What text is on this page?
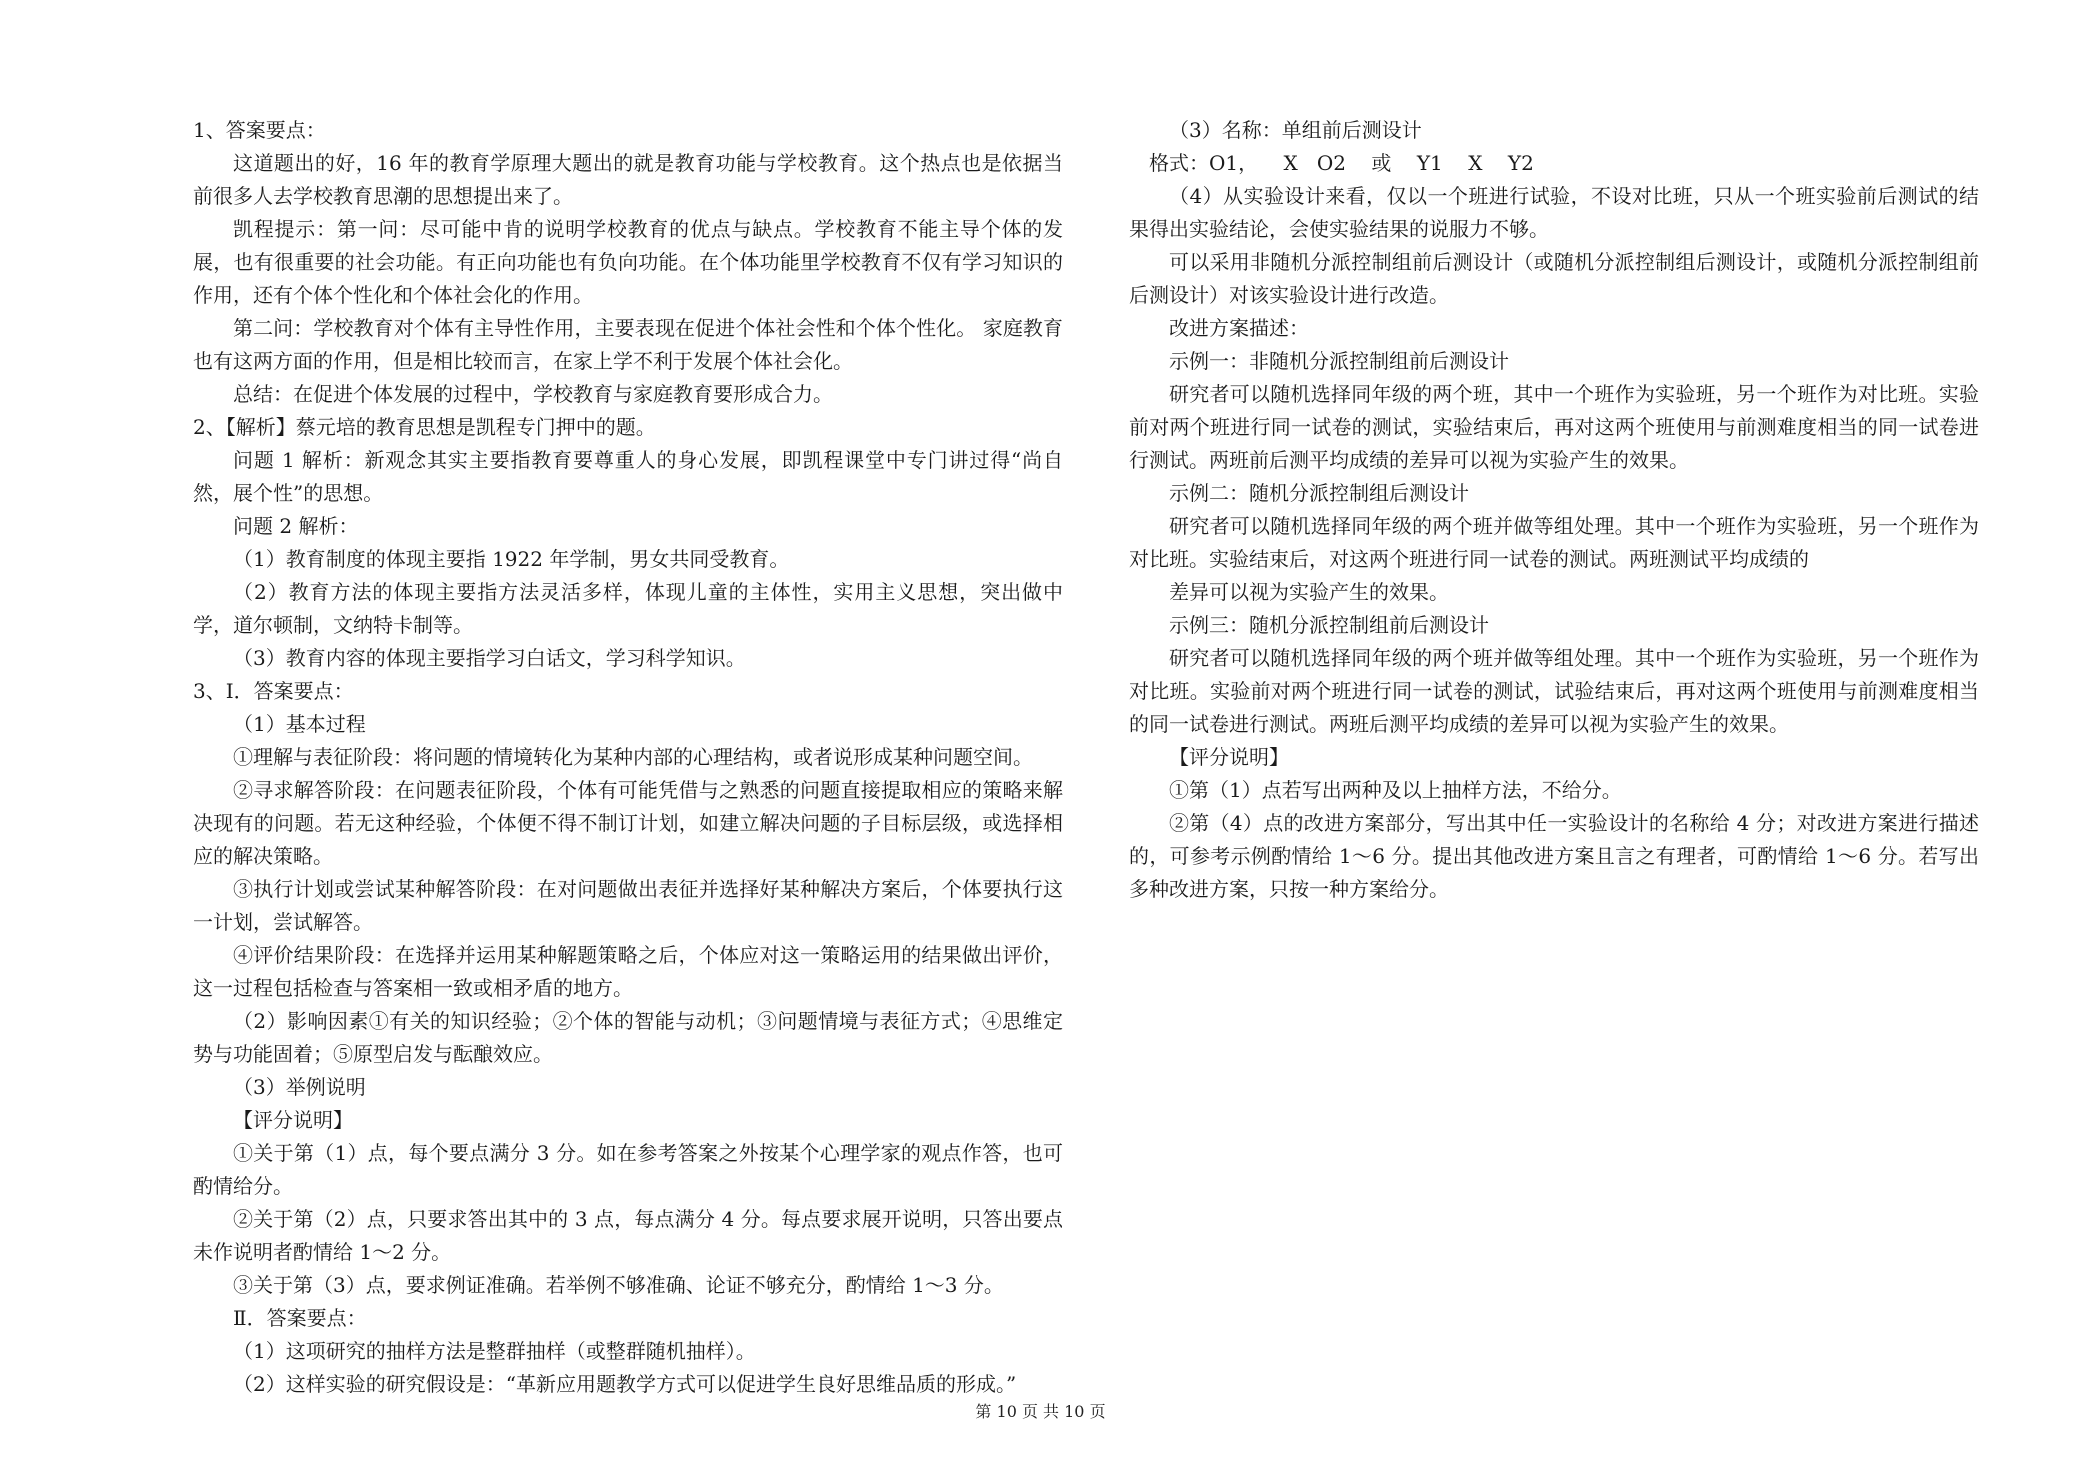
1、答案要点：

这道题出的好，16 年的教育学原理大题出的就是教育功能与学校教育。这个热点也是依据当前很多人去学校教育思潮的思想提出来了。

凯程提示：第一问：尽可能中肯的说明学校教育的优点与缺点。学校教育不能主导个体的发展，也有很重要的社会功能。有正向功能也有负向功能。在个体功能里学校教育不仅有学习知识的作用，还有个体个性化和个体社会化的作用。

第二问：学校教育对个体有主导性作用，主要表现在促进个体社会性和个体个性化。 家庭教育也有这两方面的作用，但是相比较而言，在家上学不利于发展个体社会化。

总结：在促进个体发展的过程中，学校教育与家庭教育要形成合力。

2、【解析】蔡元培的教育思想是凯程专门押中的题。

问题 1 解析：新观念其实主要指教育要尊重人的身心发展，即凯程课堂中专门讲过得“尚自然，展个性”的思想。

问题 2 解析：

（1）教育制度的体现主要指 1922 年学制，男女共同受教育。

（2）教育方法的体现主要指方法灵活多样，体现儿童的主体性，实用主义思想，突出做中学，道尔顿制，文纳特卡制等。

（3）教育内容的体现主要指学习白话文，学习科学知识。

3、Ⅰ．答案要点：

（1）基本过程

①理解与表征阶段：将问题的情境转化为某种内部的心理结构，或者说形成某种问题空间。

②寻求解答阶段：在问题表征阶段，个体有可能凭借与之熟悉的问题直接提取相应的策略来解决现有的问题。若无这种经验，个体便不得不制订计划，如建立解决问题的子目标层级，或选择相应的解决策略。

③执行计划或尝试某种解答阶段：在对问题做出表征并选择好某种解决方案后，个体要执行这一计划，尝试解答。

④评价结果阶段：在选择并运用某种解题策略之后，个体应对这一策略运用的结果做出评价，这一过程包括检查与答案相一致或相矛盾的地方。

（2）影响因素①有关的知识经验；②个体的智能与动机；③问题情境与表征方式；④思维定势与功能固着；⑤原型启发与酝酿效应。

（3）举例说明

【评分说明】

①关于第（1）点，每个要点满分 3 分。如在参考答案之外按某个心理学家的观点作答，也可酌情给分。

②关于第（2）点，只要求答出其中的 3 点，每点满分 4 分。每点要求展开说明，只答出要点未作说明者酌情给 1～2 分。

③关于第（3）点，要求例证准确。若举例不够准确、论证不够充分，酌情给 1～3 分。

Ⅱ．答案要点：

（1）这项研究的抽样方法是整群抽样（或整群随机抽样）。

（2）这样实验的研究假设是：“革新应用题教学方式可以促进学生良好思维品质的形成。”

（3）名称：单组前后测设计

格式：O1，    X   O2    或    Y1    X    Y2

（4）从实验设计来看，仅以一个班进行试验，不设对比班，只从一个班实验前后测试的结果得出实验结论，会使实验结果的说服力不够。

可以采用非随机分派控制组前后测设计（或随机分派控制组后测设计，或随机分派控制组前后测设计）对该实验设计进行改造。

改进方案描述：

示例一：非随机分派控制组前后测设计

研究者可以随机选择同年级的两个班，其中一个班作为实验班，另一个班作为对比班。实验前对两个班进行同一试卷的测试，实验结束后，再对这两个班使用与前测难度相当的同一试卷进行测试。两班前后测平均成绩的差异可以视为实验产生的效果。

示例二：随机分派控制组后测设计

研究者可以随机选择同年级的两个班并做等组处理。其中一个班作为实验班，另一个班作为对比班。实验结束后，对这两个班进行同一试卷的测试。两班测试平均成绩的

差异可以视为实验产生的效果。

示例三：随机分派控制组前后测设计

研究者可以随机选择同年级的两个班并做等组处理。其中一个班作为实验班，另一个班作为对比班。实验前对两个班进行同一试卷的测试，试验结束后，再对这两个班使用与前测难度相当的同一试卷进行测试。两班后测平均成绩的差异可以视为实验产生的效果。

【评分说明】

①第（1）点若写出两种及以上抽样方法，不给分。

②第（4）点的改进方案部分，写出其中任一实验设计的名称给 4 分；对改进方案进行描述的，可参考示例酌情给 1～6 分。提出其他改进方案且言之有理者，可酌情给 1～6 分。若写出多种改进方案，只按一种方案给分。

第 10 页 共 10 页
